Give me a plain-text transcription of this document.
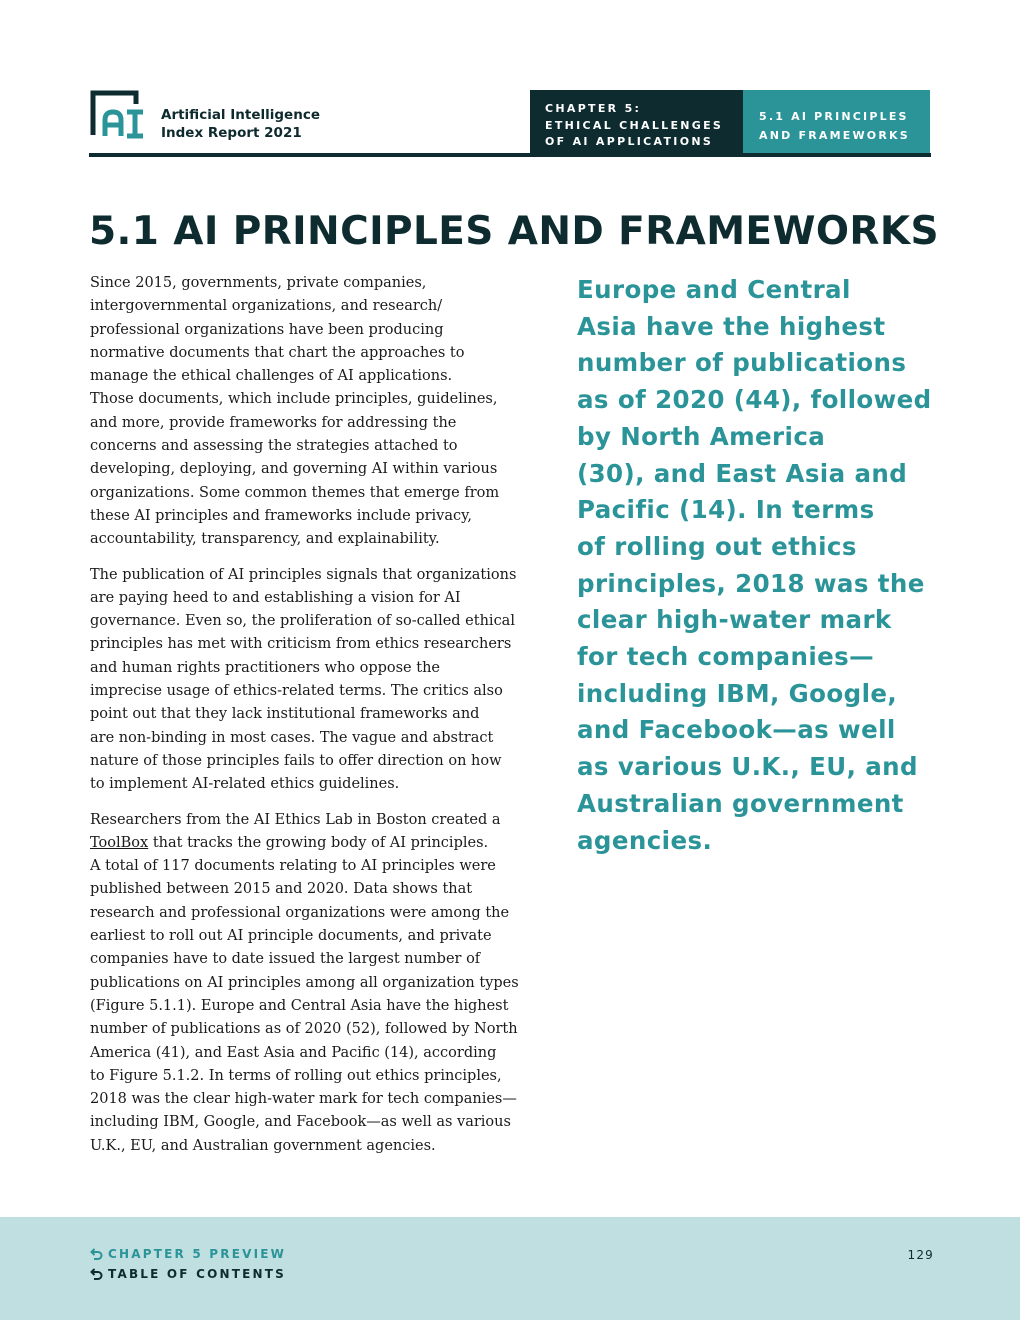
Artificial Intelligence
Index Report 2021
CHAPTER 5:
ETHICAL CHALLENGES
OF AI APPLICATIONS
5.1 AI PRINCIPLES
AND FRAMEWORKS
5.1 AI PRINCIPLES AND FRAMEWORKS

Since 2015, governments, private companies,
intergovernmental organizations, and research/
professional organizations have been producing
normative documents that chart the approaches to
manage the ethical challenges of AI applications.
Those documents, which include principles, guidelines,
and more, provide frameworks for addressing the
concerns and assessing the strategies attached to
developing, deploying, and governing AI within various
organizations. Some common themes that emerge from
these AI principles and frameworks include privacy,
accountability, transparency, and explainability.

The publication of AI principles signals that organizations
are paying heed to and establishing a vision for AI
governance. Even so, the proliferation of so-called ethical
principles has met with criticism from ethics researchers
and human rights practitioners who oppose the
imprecise usage of ethics-related terms. The critics also
point out that they lack institutional frameworks and
are non-binding in most cases. The vague and abstract
nature of those principles fails to offer direction on how
to implement AI-related ethics guidelines.

Researchers from the AI Ethics Lab in Boston created a
ToolBox that tracks the growing body of AI principles.
A total of 117 documents relating to AI principles were
published between 2015 and 2020. Data shows that
research and professional organizations were among the
earliest to roll out AI principle documents, and private
companies have to date issued the largest number of
publications on AI principles among all organization types
(Figure 5.1.1). Europe and Central Asia have the highest
number of publications as of 2020 (52), followed by North
America (41), and East Asia and Pacific (14), according
to Figure 5.1.2. In terms of rolling out ethics principles,
2018 was the clear high-water mark for tech companies—
including IBM, Google, and Facebook—as well as various
U.K., EU, and Australian government agencies.

Europe and Central
Asia have the highest
number of publications
as of 2020 (44), followed
by North America
(30), and East Asia and
Pacific (14). In terms
of rolling out ethics
principles, 2018 was the
clear high-water mark
for tech companies—
including IBM, Google,
and Facebook—as well
as various U.K., EU, and
Australian government
agencies.
CHAPTER 5 PREVIEW
TABLE OF CONTENTS
129
